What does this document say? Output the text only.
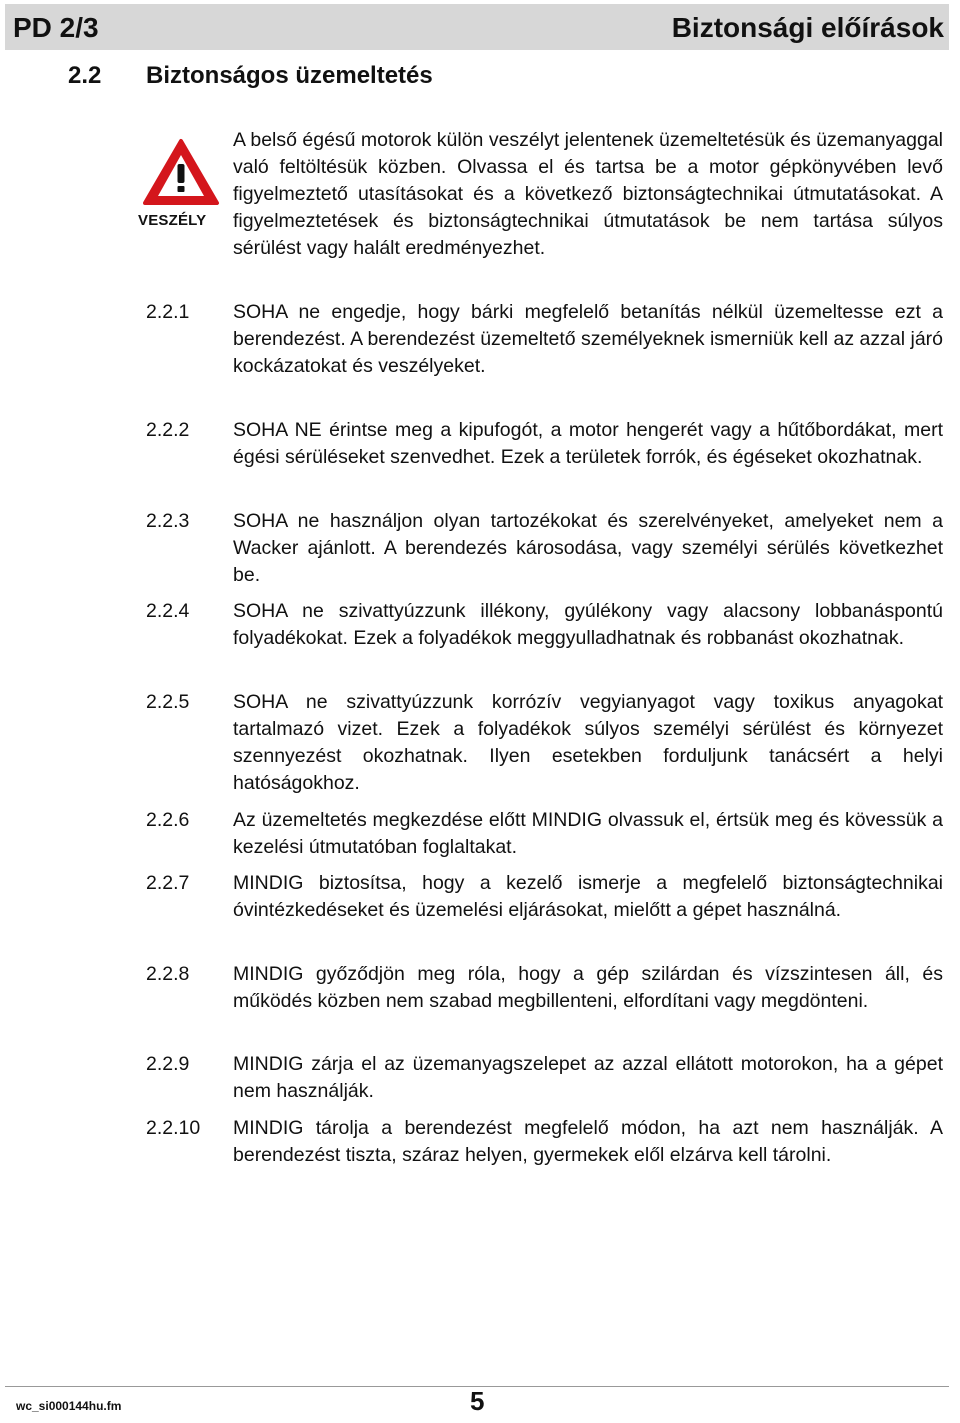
PD 2/3	Biztonsági előírások
2.2 Biztonságos üzemeltetés
VESZÉLY
A belső égésű motorok külön veszélyt jelentenek üzemeltetésük és üzemanyaggal való feltöltésük közben. Olvassa el és tartsa be a motor gépkönyvében levő figyelmeztető utasításokat és a következő biztonságtechnikai útmutatásokat. A figyelmeztetések és biztonságtechnikai útmutatások be nem tartása súlyos sérülést vagy halált eredményezhet.
2.2.1 SOHA ne engedje, hogy bárki megfelelő betanítás nélkül üzemeltesse ezt a berendezést. A berendezést üzemeltető személyeknek ismerniük kell az azzal járó kockázatokat és veszélyeket.
2.2.2 SOHA NE érintse meg a kipufogót, a motor hengerét vagy a hűtőbordákat, mert égési sérüléseket szenvedhet. Ezek a területek forrók, és égéseket okozhatnak.
2.2.3 SOHA ne használjon olyan tartozékokat és szerelvényeket, amelyeket nem a Wacker ajánlott. A berendezés károsodása, vagy személyi sérülés következhet be.
2.2.4 SOHA ne szivattyúzzunk illékony, gyúlékony vagy alacsony lobbanáspontú folyadékokat. Ezek a folyadékok meggyulladhatnak és robbanást okozhatnak.
2.2.5 SOHA ne szivattyúzzunk korrózív vegyianyagot vagy toxikus anyagokat tartalmazó vizet. Ezek a folyadékok súlyos személyi sérülést és környezet szennyezést okozhatnak. Ilyen esetekben forduljunk tanácsért a helyi hatóságokhoz.
2.2.6 Az üzemeltetés megkezdése előtt MINDIG olvassuk el, értsük meg és kövessük a kezelési útmutatóban foglaltakat.
2.2.7 MINDIG biztosítsa, hogy a kezelő ismerje a megfelelő biztonságtechnikai óvintézkedéseket és üzemelési eljárásokat, mielőtt a gépet használná.
2.2.8 MINDIG győződjön meg róla, hogy a gép szilárdan és vízszintesen áll, és működés közben nem szabad megbillenteni, elfordítani vagy megdönteni.
2.2.9 MINDIG zárja el az üzemanyagszelepet az azzal ellátott motorokon, ha a gépet nem használják.
2.2.10 MINDIG tárolja a berendezést megfelelő módon, ha azt nem használják. A berendezést tiszta, száraz helyen, gyermekek elől elzárva kell tárolni.
wc_si000144hu.fm	5
